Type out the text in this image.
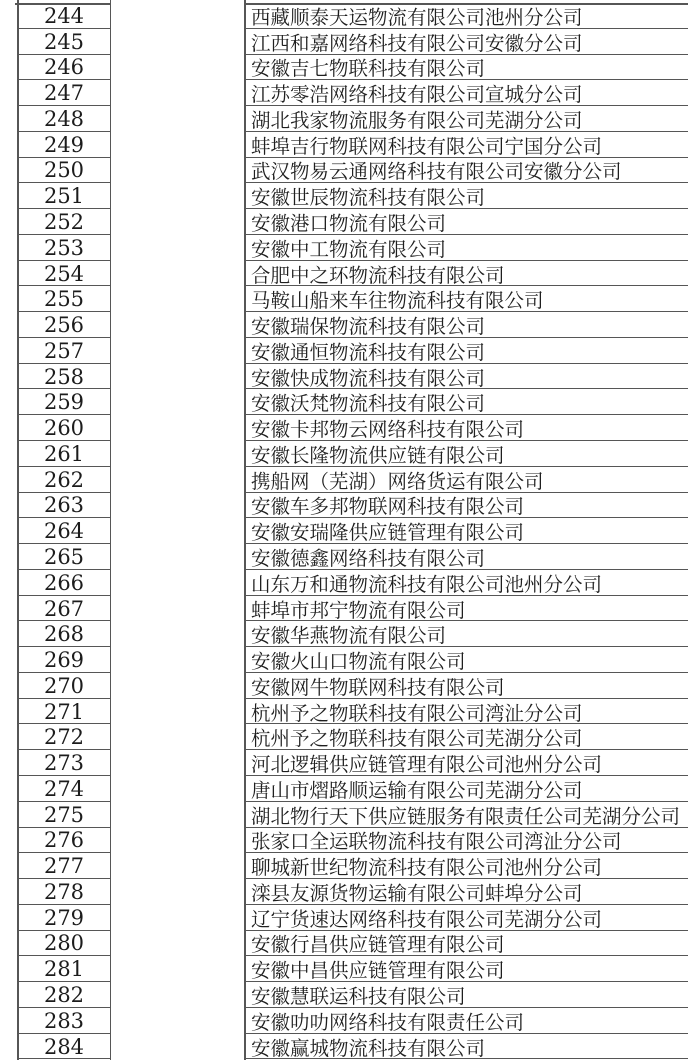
244	西藏顺泰天运物流有限公司池州分公司
245	江西和嘉网络科技有限公司安徽分公司
246	安徽吉七物联科技有限公司
247	江苏零浩网络科技有限公司宣城分公司
248	湖北我家物流服务有限公司芜湖分公司
249	蚌埠吉行物联网科技有限公司宁国分公司
250	武汉物易云通网络科技有限公司安徽分公司
251	安徽世辰物流科技有限公司
252	安徽港口物流有限公司
253	安徽中工物流有限公司
254	合肥中之环物流科技有限公司
255	马鞍山船来车往物流科技有限公司
256	安徽瑞保物流科技有限公司
257	安徽通恒物流科技有限公司
258	安徽快成物流科技有限公司
259	安徽沃梵物流科技有限公司
260	安徽卡邦物云网络科技有限公司
261	安徽长隆物流供应链有限公司
262	携船网（芜湖）网络货运有限公司
263	安徽车多邦物联网科技有限公司
264	安徽安瑞隆供应链管理有限公司
265	安徽德鑫网络科技有限公司
266	山东万和通物流科技有限公司池州分公司
267	蚌埠市邦宁物流有限公司
268	安徽华燕物流有限公司
269	安徽火山口物流有限公司
270	安徽网牛物联网科技有限公司
271	杭州予之物联科技有限公司湾沚分公司
272	杭州予之物联科技有限公司芜湖分公司
273	河北逻辑供应链管理有限公司池州分公司
274	唐山市熠路顺运输有限公司芜湖分公司
275	湖北物行天下供应链服务有限责任公司芜湖分公司
276	张家口全运联物流科技有限公司湾沚分公司
277	聊城新世纪物流科技有限公司池州分公司
278	滦县友源货物运输有限公司蚌埠分公司
279	辽宁货速达网络科技有限公司芜湖分公司
280	安徽行昌供应链管理有限公司
281	安徽中昌供应链管理有限公司
282	安徽慧联运科技有限公司
283	安徽叻叻网络科技有限责任公司
284	安徽赢城物流科技有限公司
